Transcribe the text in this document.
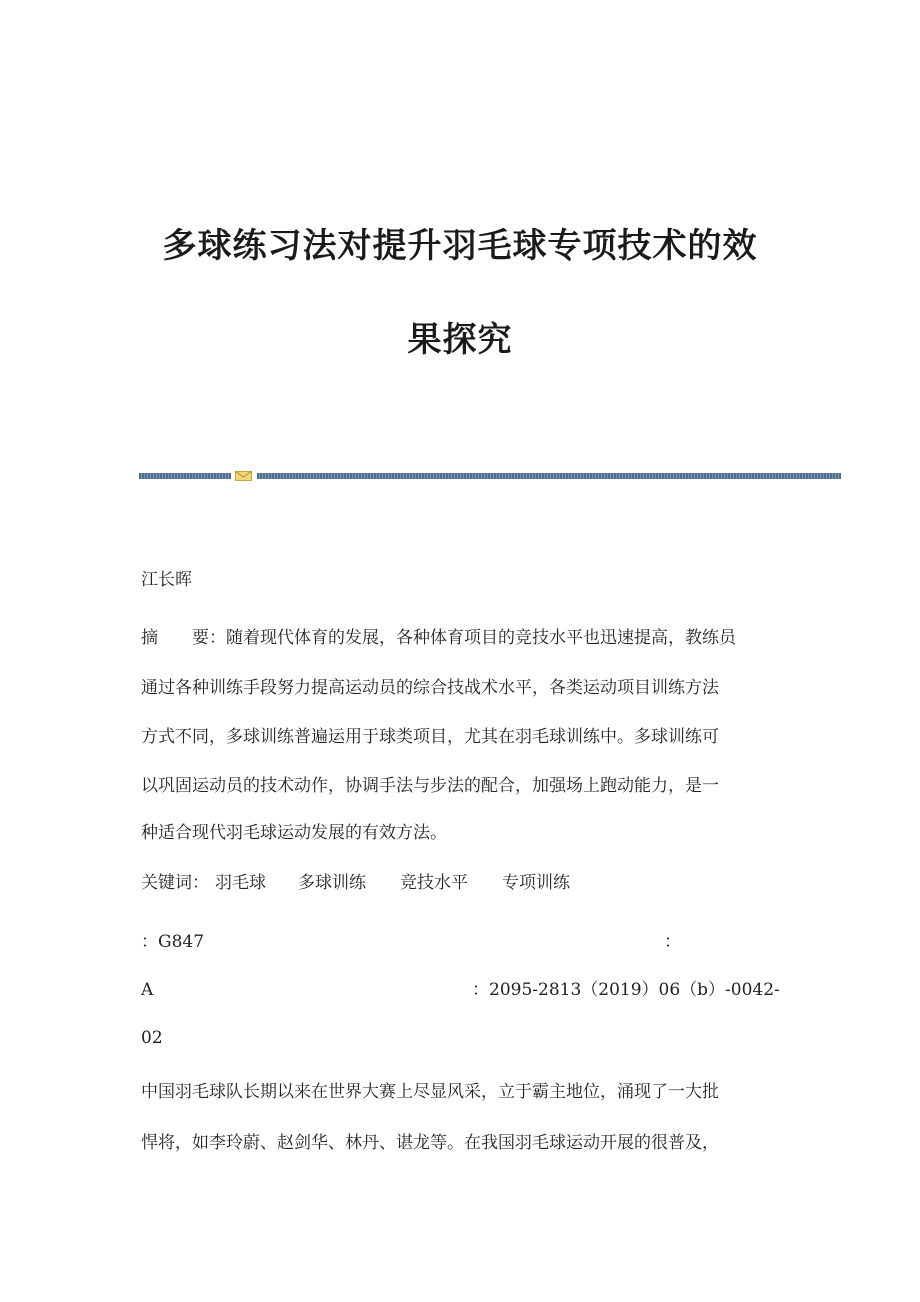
多球练习法对提升羽毛球专项技术的效
果探究
江长晖
摘　　要：随着现代体育的发展，各种体育项目的竞技水平也迅速提高，教练员
通过各种训练手段努力提高运动员的综合技战术水平，各类运动项目训练方法
方式不同，多球训练普遍运用于球类项目，尤其在羽毛球训练中。多球训练可
以巩固运动员的技术动作，协调手法与步法的配合，加强场上跑动能力，是一
种适合现代羽毛球运动发展的有效方法。
关键词： 羽毛球 多球训练 竞技水平 专项训练
：G847	：
A	：2095-2813（2019）06（b）-0042-
02
中国羽毛球队长期以来在世界大赛上尽显风采，立于霸主地位，涌现了一大批
悍将，如李玲蔚、赵剑华、林丹、谌龙等。在我国羽毛球运动开展的很普及，
